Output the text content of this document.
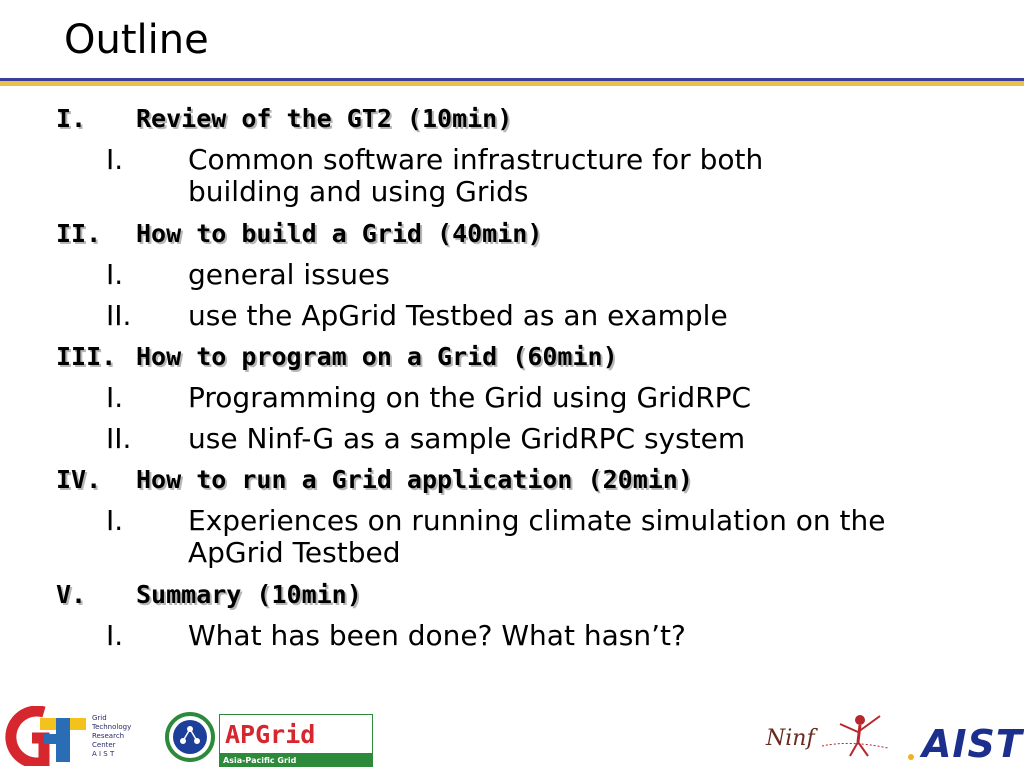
Outline
I. Review of the GT2 (10min)
I. Common software infrastructure for both
building and using Grids
II. How to build a Grid (40min)
I. general issues
II. use the ApGrid Testbed as an example
III. How to program on a Grid (60min)
I. Programming on the Grid using GridRPC
II. use Ninf-G as a sample GridRPC system
IV. How to run a Grid application (20min)
I. Experiences on running climate simulation on the
ApGrid Testbed
V. Summary (10min)
I. What has been done? What hasn’t?
Grid
Technology
Research
Center
A I S T
APGrid
Asia-Pacific Grid
Ninf	AIST
